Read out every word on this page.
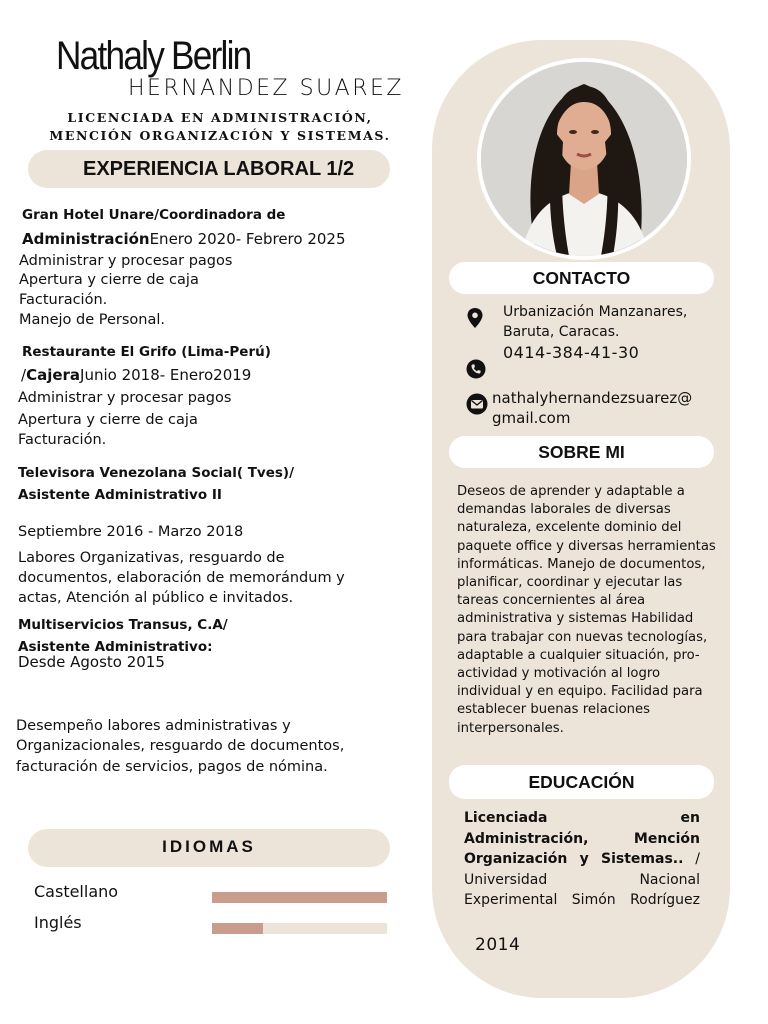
Nathaly Berlin
HERNANDEZ SUAREZ
LICENCIADA EN ADMINISTRACIÓN,
MENCIÓN ORGANIZACIÓN Y SISTEMAS.
EXPERIENCIA LABORAL 1/2
Gran Hotel Unare/Coordinadora de
AdministraciónEnero 2020- Febrero 2025
Administrar y procesar pagos
Apertura y cierre de caja
Facturación.
Manejo de Personal.
Restaurante El Grifo (Lima-Perú)
/CajeraJunio 2018- Enero2019
Administrar y procesar pagos
Apertura y cierre de caja
Facturación.
Televisora Venezolana Social( Tves)/
Asistente Administrativo II
Septiembre 2016 - Marzo 2018
Labores Organizativas, resguardo de
documentos, elaboración de memorándum y
actas, Atención al público e invitados.
Multiservicios Transus, C.A/
Asistente Administrativo:
Desde Agosto 2015
Desempeño labores administrativas y
Organizacionales, resguardo de documentos,
facturación de servicios, pagos de nómina.
IDIOMAS
Castellano
Inglés
CONTACTO
Urbanización Manzanares,
Baruta, Caracas.
0414-384-41-30
nathalyhernandezsuarez@
gmail.com
SOBRE MI
Deseos de aprender y adaptable a demandas laborales de diversas naturaleza, excelente dominio del paquete office y diversas herramientas informáticas. Manejo de documentos, planificar, coordinar y ejecutar las tareas concernientes al área administrativa y sistemas Habilidad para trabajar con nuevas tecnologías, adaptable a cualquier situación, pro-actividad y motivación al logro individual y en equipo. Facilidad para establecer buenas relaciones interpersonales.
EDUCACIÓN
Licenciada en Administración, Mención Organización y Sistemas.. / Universidad Nacional Experimental Simón Rodríguez
2014
